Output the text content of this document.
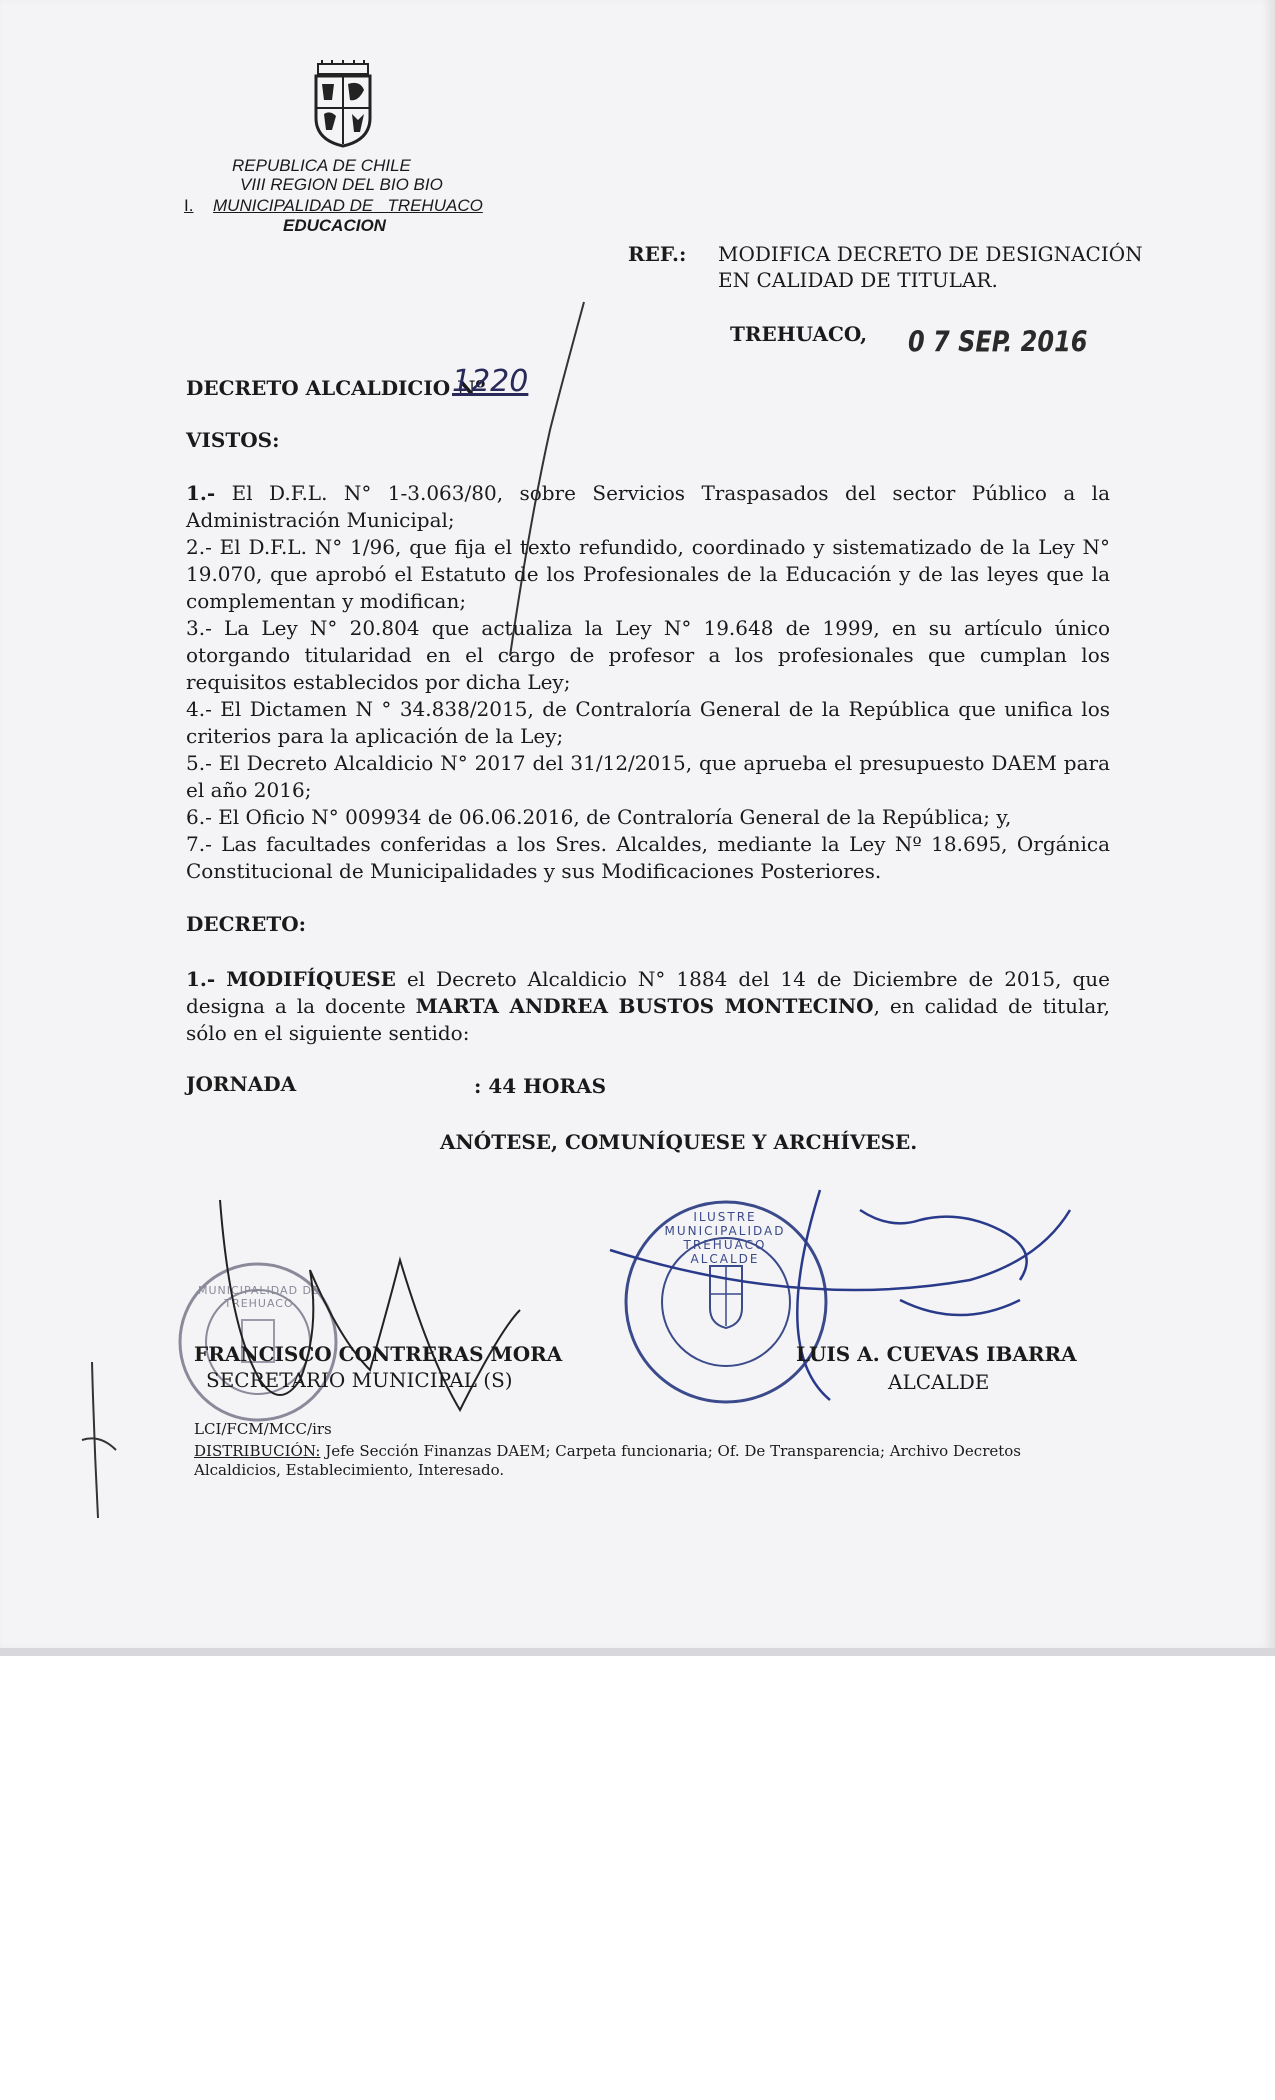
REPUBLICA DE CHILE
VIII REGION DEL BIO BIO
I. MUNICIPALIDAD DE   TREHUACO
EDUCACION
REF.: MODIFICA DECRETO DE DESIGNACIÓN
EN CALIDAD DE TITULAR.
TREHUACO, 0 7 SEP. 2016
DECRETO ALCALDICIO Nº
1220
VISTOS:
1.- El D.F.L. N° 1-3.063/80, sobre Servicios Traspasados del sector Público a la Administración Municipal;
2.- El D.F.L. N° 1/96, que fija el texto refundido, coordinado y sistematizado de la Ley N° 19.070, que aprobó el Estatuto de los Profesionales de la Educación y de las leyes que la complementan y modifican;
3.- La Ley N° 20.804 que actualiza la Ley N° 19.648 de 1999, en su artículo único otorgando titularidad en el cargo de profesor a los profesionales que cumplan los requisitos establecidos por dicha Ley;
4.- El Dictamen N ° 34.838/2015, de Contraloría General de la República que unifica los criterios para la aplicación de la Ley;
5.- El Decreto Alcaldicio N° 2017 del 31/12/2015, que aprueba el presupuesto DAEM para el año 2016;
6.- El Oficio N° 009934 de 06.06.2016, de Contraloría General de la República; y,
7.- Las facultades conferidas a los Sres. Alcaldes, mediante la Ley Nº 18.695, Orgánica Constitucional de Municipalidades y sus Modificaciones Posteriores.
DECRETO:
1.- MODIFÍQUESE el Decreto Alcaldicio N° 1884 del 14 de Diciembre de 2015, que designa a la docente MARTA ANDREA BUSTOS MONTECINO, en calidad de titular, sólo en el siguiente sentido:
JORNADA	: 44 HORAS
ANÓTESE, COMUNÍQUESE Y ARCHÍVESE.
MUNICIPALIDAD DE TREHUACO
ILUSTRE MUNICIPALIDAD TREHUACO ALCALDE
FRANCISCO CONTRERAS MORA
SECRETARIO MUNICIPAL (S)
LUIS A. CUEVAS IBARRA
ALCALDE
LCI/FCM/MCC/irs
DISTRIBUCIÓN: Jefe Sección Finanzas DAEM; Carpeta funcionaria; Of. De Transparencia; Archivo Decretos Alcaldicios, Establecimiento, Interesado.
